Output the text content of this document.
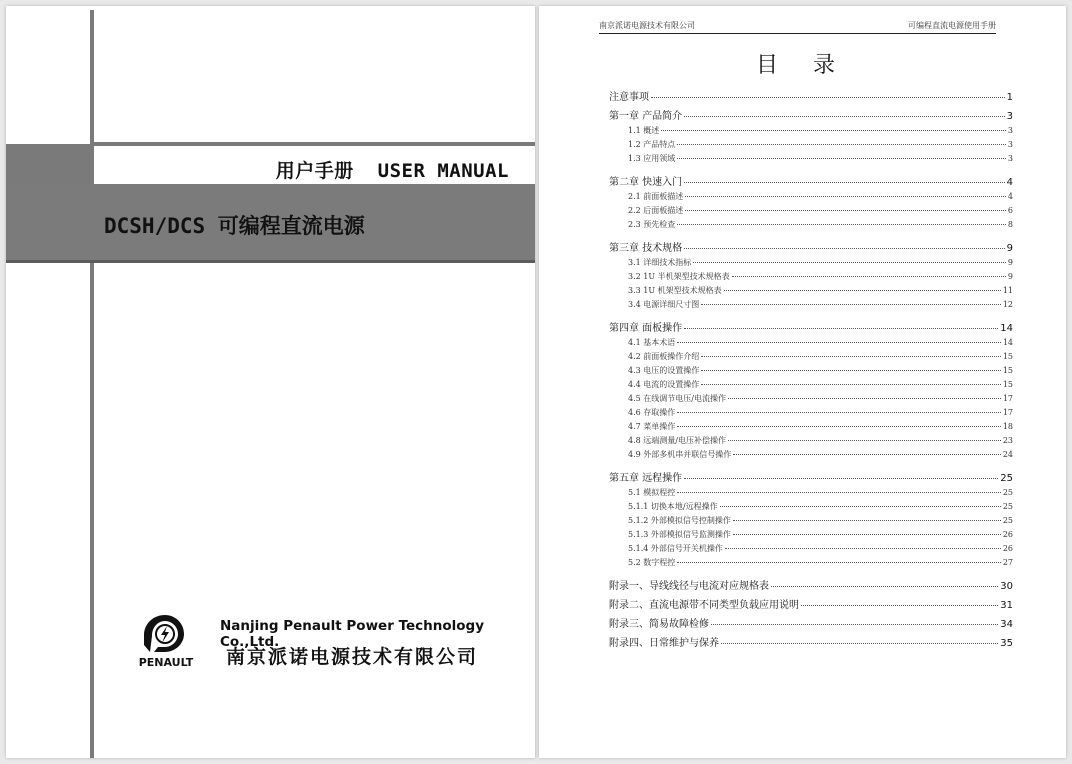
用户手册  USER MANUAL
DCSH/DCS 可编程直流电源
PENAULT
Nanjing Penault Power Technology Co.,Ltd.
南京派诺电源技术有限公司
南京派诺电源技术有限公司	可编程直流电源使用手册
目 录
注意事项	1
第一章 产品简介	3
1.1 概述	3
1.2 产品特点	3
1.3 应用领域	3
第二章 快速入门	4
2.1 前面板描述	4
2.2 后面板描述	6
2.3 预先检查	8
第三章 技术规格	9
3.1 详细技术指标	9
3.2 1U 半机架型技术规格表	9
3.3 1U 机架型技术规格表	11
3.4 电源详细尺寸图	12
第四章 面板操作	14
4.1 基本术语	14
4.2 前面板操作介绍	15
4.3 电压的设置操作	15
4.4 电流的设置操作	15
4.5 在线调节电压/电流操作	17
4.6 存取操作	17
4.7 菜单操作	18
4.8 远端测量/电压补偿操作	23
4.9 外部多机串并联信号操作	24
第五章 远程操作	25
5.1 模拟程控	25
5.1.1 切换本地/远程操作	25
5.1.2 外部模拟信号控制操作	25
5.1.3 外部模拟信号监测操作	26
5.1.4 外部信号开关机操作	26
5.2 数字程控	27
附录一、导线线径与电流对应规格表	30
附录二、直流电源带不同类型负载应用说明	31
附录三、简易故障检修	34
附录四、日常维护与保养	35
